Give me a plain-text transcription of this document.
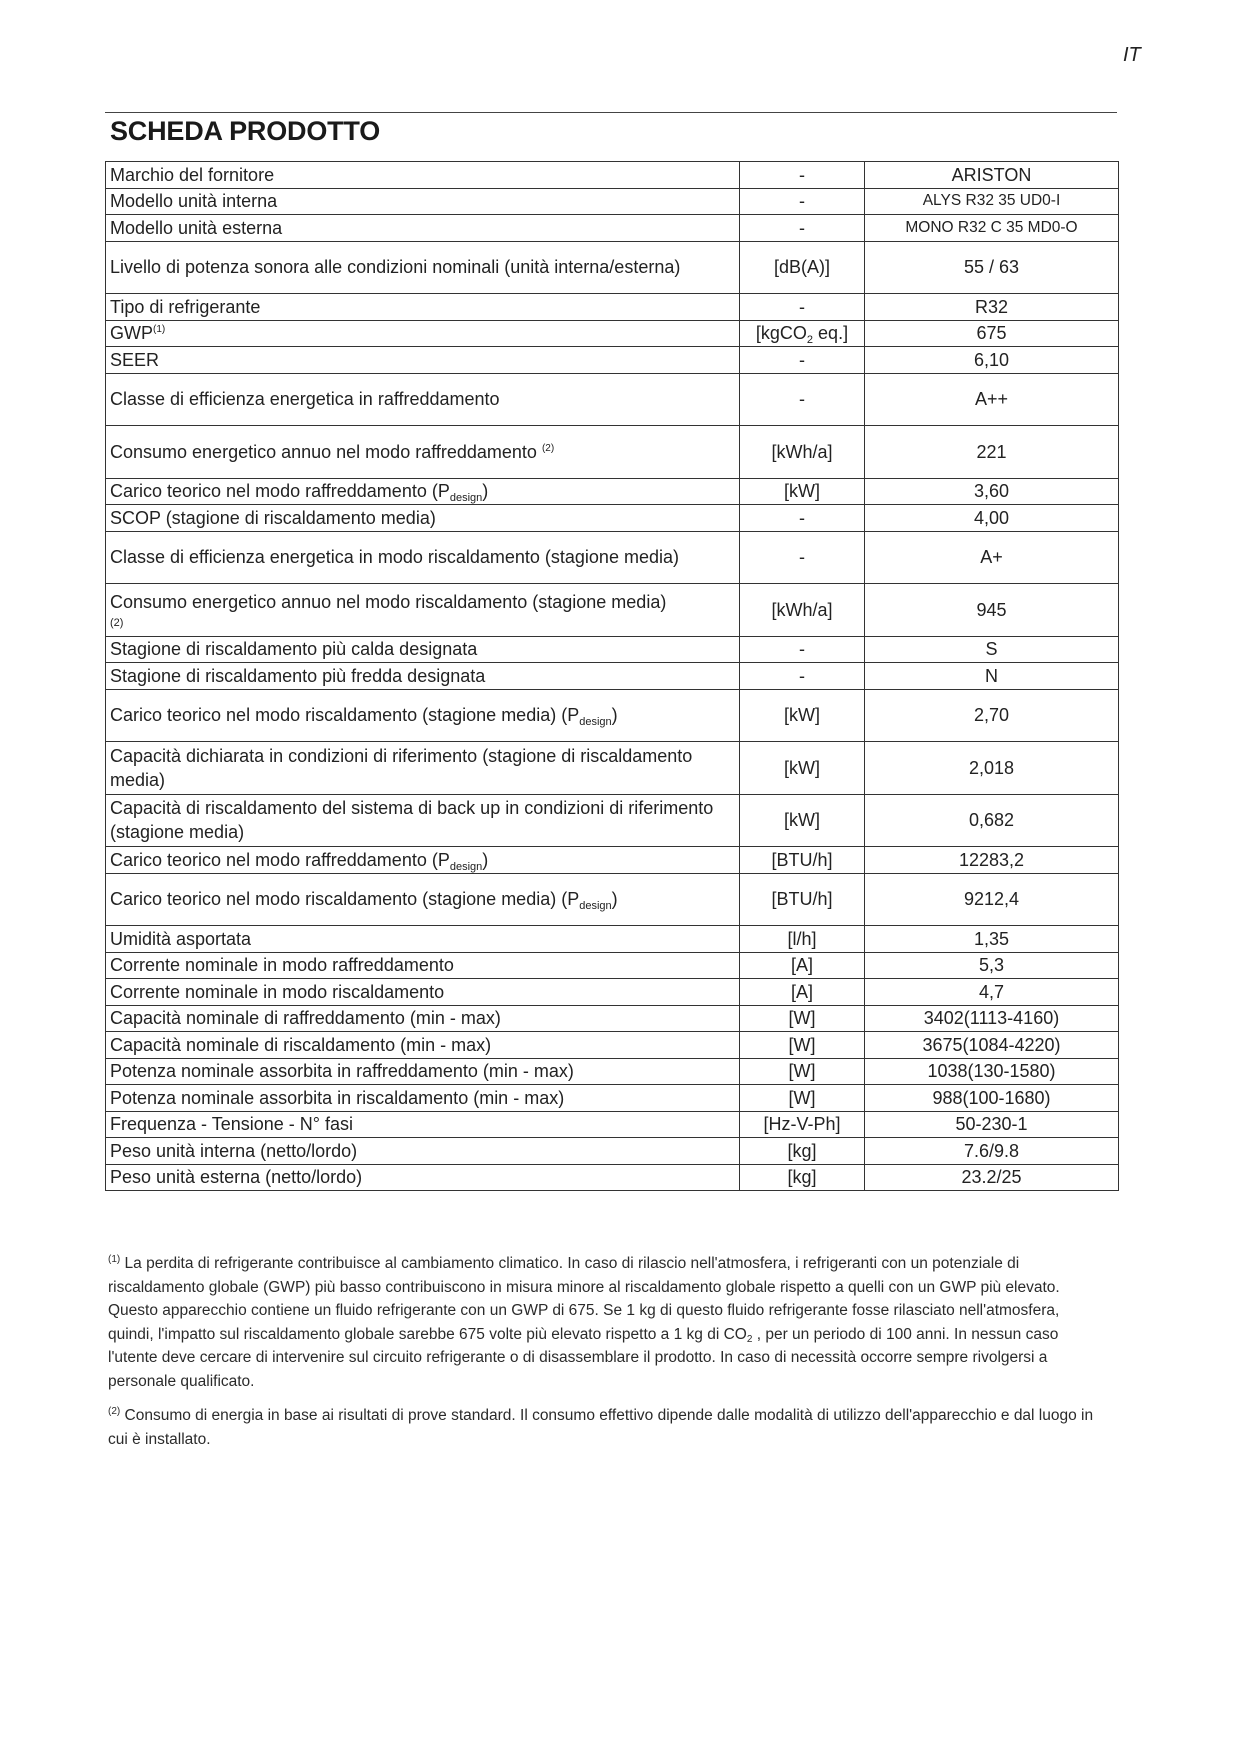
IT
SCHEDA PRODOTTO
Marchio del fornitore	-	ARISTON
Modello unità interna	-	ALYS R32 35 UD0-I
Modello unità esterna	-	MONO R32 C 35 MD0-O
Livello di potenza sonora alle condizioni nominali (unità interna/esterna)	[dB(A)]	55 / 63
Tipo di refrigerante	-	R32
GWP$^{(1)}$	[kgCO$_2$ eq.]	675
SEER	-	6,10
Classe di efficienza energetica in raffreddamento	-	A++
Consumo energetico annuo nel modo raffreddamento $^{(2)}$	[kWh/a]	221
Carico teorico nel modo raffreddamento $(P_{design})$	[kW]	3,60
SCOP (stagione di riscaldamento media)	-	4,00
Classe di efficienza energetica in modo riscaldamento (stagione media)	-	A+
Consumo energetico annuo nel modo riscaldamento (stagione media)
(2)	[kWh/a]	945
Stagione di riscaldamento più calda designata	-	S
Stagione di riscaldamento più fredda designata	-	N
Carico teorico nel modo riscaldamento (stagione media) $(P_{design})$	[kW]	2,70
Capacità dichiarata in condizioni di riferimento (stagione di riscaldamento media)	[kW]	2,018
Capacità di riscaldamento del sistema di back up in condizioni di riferimento (stagione media)	[kW]	0,682
Carico teorico nel modo raffreddamento $(P_{design})$	[BTU/h]	12283,2
Carico teorico nel modo riscaldamento (stagione media) $(P_{design})$	[BTU/h]	9212,4
Umidità asportata	[l/h]	1,35
Corrente nominale in modo raffreddamento	[A]	5,3
Corrente nominale in modo riscaldamento	[A]	4,7
Capacità nominale di raffreddamento (min - max)	[W]	3402(1113-4160)
Capacità nominale di riscaldamento (min - max)	[W]	3675(1084-4220)
Potenza nominale assorbita in raffreddamento (min - max)	[W]	1038(130-1580)
Potenza nominale assorbita in riscaldamento (min - max)	[W]	988(100-1680)
Frequenza - Tensione - N° fasi	[Hz-V-Ph]	50-230-1
Peso unità interna (netto/lordo)	[kg]	7.6/9.8
Peso unità esterna (netto/lordo)	[kg]	23.2/25

$^{(1)}$ La perdita di refrigerante contribuisce al cambiamento climatico. In caso di rilascio nell'atmosfera, i refrigeranti con un potenziale di riscaldamento globale (GWP) più basso contribuiscono in misura minore al riscaldamento globale rispetto a quelli con un GWP più elevato. Questo apparecchio contiene un fluido refrigerante con un GWP di 675. Se 1 kg di questo fluido refrigerante fosse rilasciato nell'atmosfera, quindi, l'impatto sul riscaldamento globale sarebbe 675 volte più elevato rispetto a 1 kg di $CO_2$ , per un periodo di 100 anni. In nessun caso l'utente deve cercare di intervenire sul circuito refrigerante o di disassemblare il prodotto. In caso di necessità occorre sempre rivolgersi a personale qualificato.

$^{(2)}$ Consumo di energia in base ai risultati di prove standard. Il consumo effettivo dipende dalle modalità di utilizzo dell'apparecchio e dal luogo in cui è installato.
